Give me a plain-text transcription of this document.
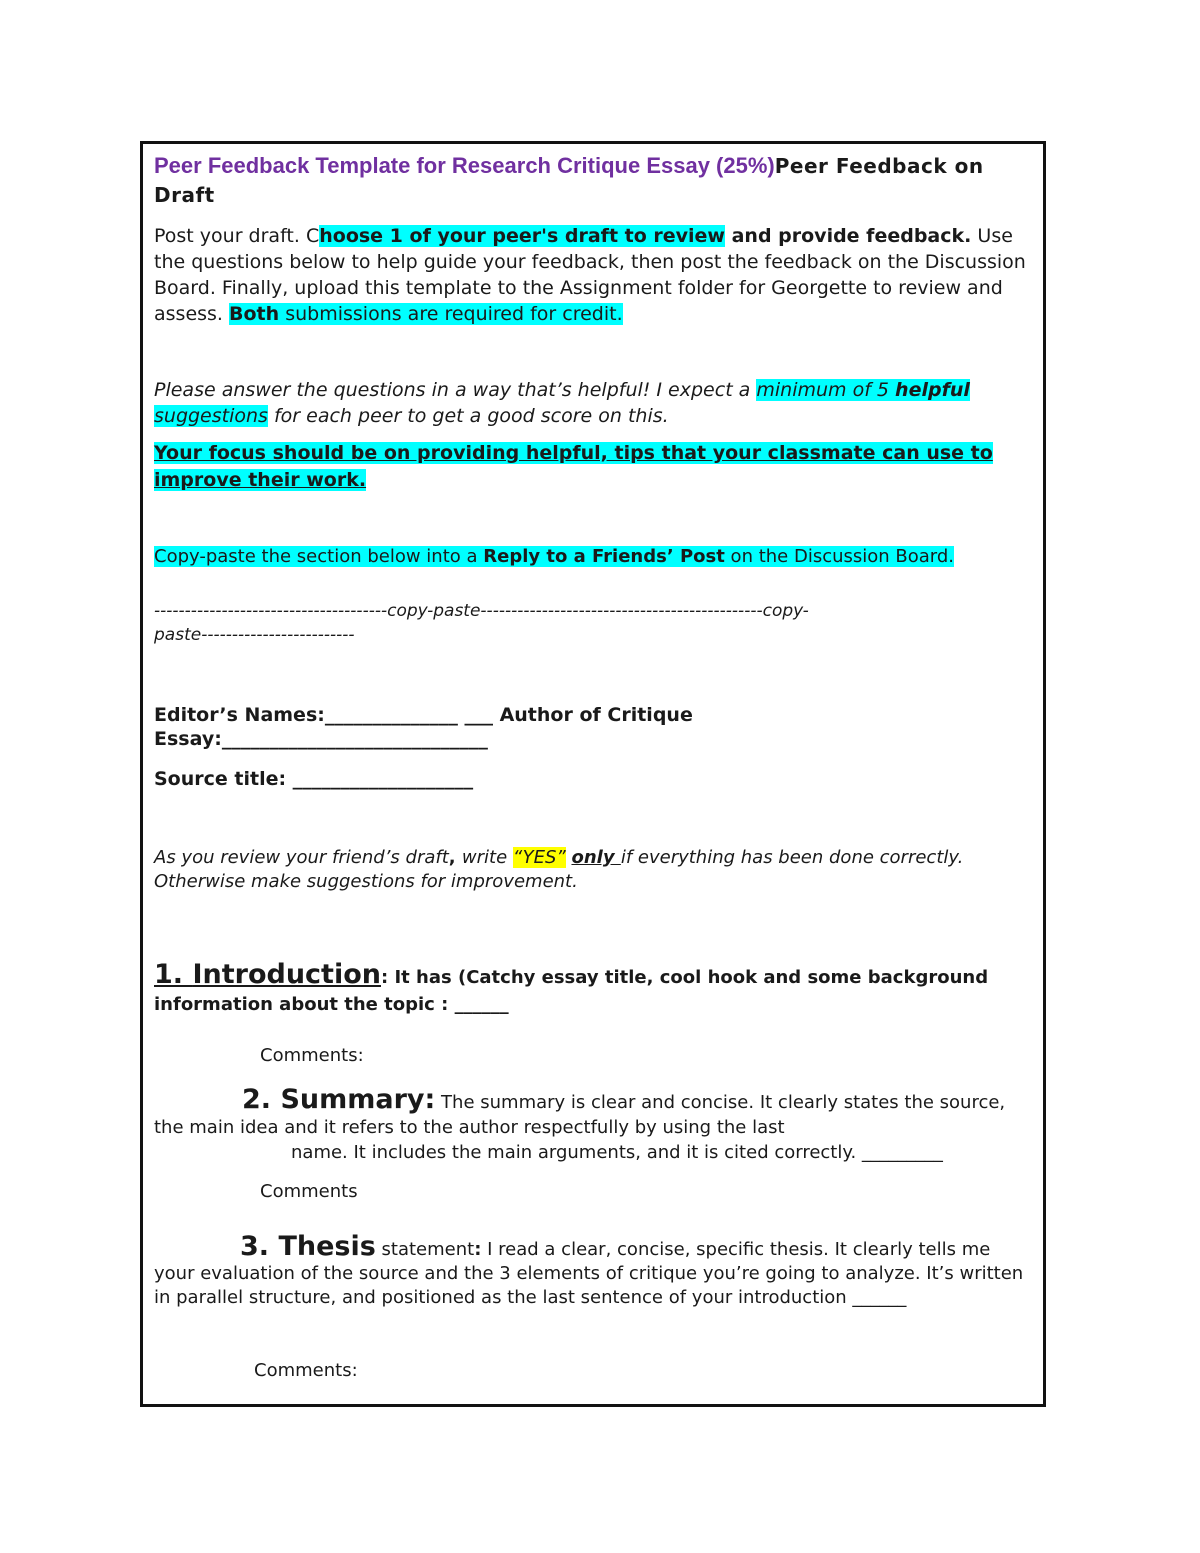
Peer Feedback Template for Research Critique Essay (25%)Peer Feedback on Draft
Post your draft. Choose 1 of your peer's draft to review and provide feedback. Use the questions below to help guide your feedback, then post the feedback on the Discussion Board. Finally, upload this template to the Assignment folder for Georgette to review and assess. Both submissions are required for credit.
Please answer the questions in a way that’s helpful! I expect a minimum of 5 helpful suggestions for each peer to get a good score on this.
Your focus should be on providing helpful, tips that your classmate can use to improve their work.
Copy-paste the section below into a Reply to a Friends’ Post on the Discussion Board.
--------------------------------------copy-paste----------------------------------------------copy-
paste-------------------------
Editor’s Names:______________ ___ Author of Critique
Essay:____________________________
Source title: ___________________
As you review your friend’s draft, write “YES” only if everything has been done correctly. Otherwise make suggestions for improvement.
1. Introduction: It has (Catchy essay title, cool hook and some background information about the topic : ______
Comments:
2. Summary: The summary is clear and concise. It clearly states the source, the main idea and it refers to the author respectfully by using the last
name. It includes the main arguments, and it is cited correctly. _________
Comments
3. Thesis statement: I read a clear, concise, specific thesis. It clearly tells me your evaluation of the source and the 3 elements of critique you’re going to analyze. It’s written in parallel structure, and positioned as the last sentence of your introduction ______
Comments:
